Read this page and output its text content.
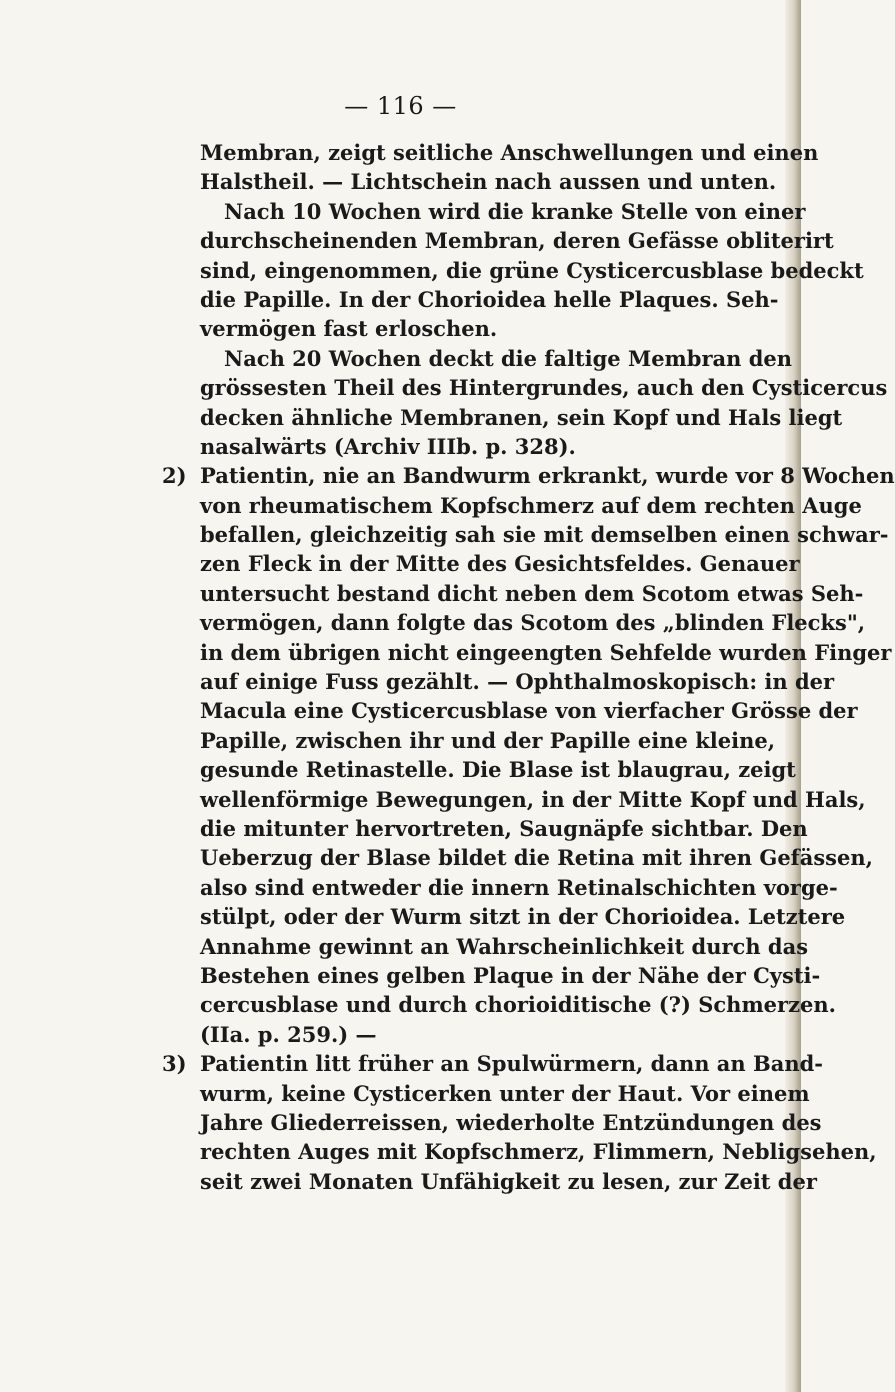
— 116 —
Membran, zeigt seitliche Anschwellungen und einen
Halstheil. — Lichtschein nach aussen und unten.
Nach 10 Wochen wird die kranke Stelle von einer
durchscheinenden Membran, deren Gefässe obliterirt
sind, eingenommen, die grüne Cysticercusblase bedeckt
die Papille. In der Chorioidea helle Plaques. Seh-
vermögen fast erloschen.
Nach 20 Wochen deckt die faltige Membran den
grössesten Theil des Hintergrundes, auch den Cysticercus
decken ähnliche Membranen, sein Kopf und Hals liegt
nasalwärts (Archiv IIIb. p. 328).
2) Patientin, nie an Bandwurm erkrankt, wurde vor 8 Wochen
von rheumatischem Kopfschmerz auf dem rechten Auge
befallen, gleichzeitig sah sie mit demselben einen schwar-
zen Fleck in der Mitte des Gesichtsfeldes. Genauer
untersucht bestand dicht neben dem Scotom etwas Seh-
vermögen, dann folgte das Scotom des „blinden Flecks",
in dem übrigen nicht eingeengten Sehfelde wurden Finger
auf einige Fuss gezählt. — Ophthalmoskopisch: in der
Macula eine Cysticercusblase von vierfacher Grösse der
Papille, zwischen ihr und der Papille eine kleine,
gesunde Retinastelle. Die Blase ist blaugrau, zeigt
wellenförmige Bewegungen, in der Mitte Kopf und Hals,
die mitunter hervortreten, Saugnäpfe sichtbar. Den
Ueberzug der Blase bildet die Retina mit ihren Gefässen,
also sind entweder die innern Retinalschichten vorge-
stülpt, oder der Wurm sitzt in der Chorioidea. Letztere
Annahme gewinnt an Wahrscheinlichkeit durch das
Bestehen eines gelben Plaque in der Nähe der Cysti-
cercusblase und durch chorioiditische (?) Schmerzen.
(IIa. p. 259.) —
3) Patientin litt früher an Spulwürmern, dann an Band-
wurm, keine Cysticerken unter der Haut. Vor einem
Jahre Gliederreissen, wiederholte Entzündungen des
rechten Auges mit Kopfschmerz, Flimmern, Nebligsehen,
seit zwei Monaten Unfähigkeit zu lesen, zur Zeit der
